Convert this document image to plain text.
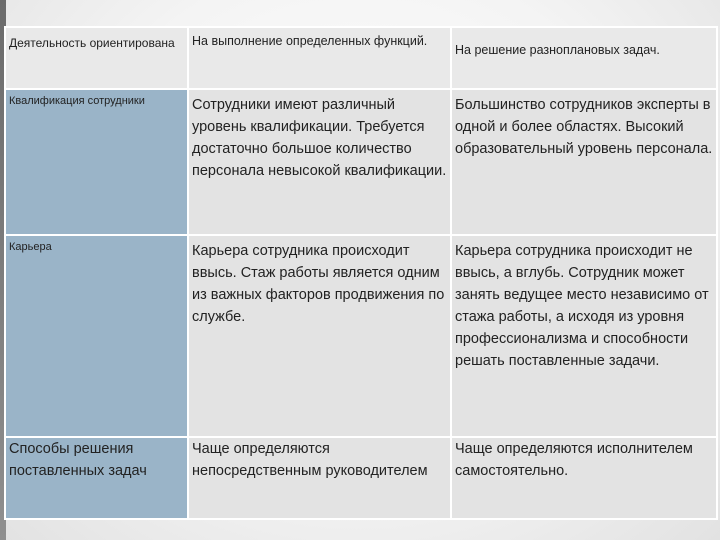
Деятельность ориентирована	На выполнение определенных функций.	На решение разноплановых задач.
Квалификация сотрудники	Сотрудники имеют различный уровень квалификации. Требуется достаточно большое количество персонала невысокой квалификации.	Большинство сотрудников эксперты в одной и более областях. Высокий образовательный уровень персонала.
Карьера	Карьера сотрудника происходит ввысь. Стаж работы является одним из важных факторов продвижения по службе.	Карьера сотрудника происходит не ввысь, а вглубь. Сотрудник может занять ведущее место независимо от стажа работы, а исходя из уровня профессионализма и способности решать поставленные задачи.
Способы решения поставленных задач	Чаще определяются непосредственным руководителем	Чаще определяются исполнителем самостоятельно.
